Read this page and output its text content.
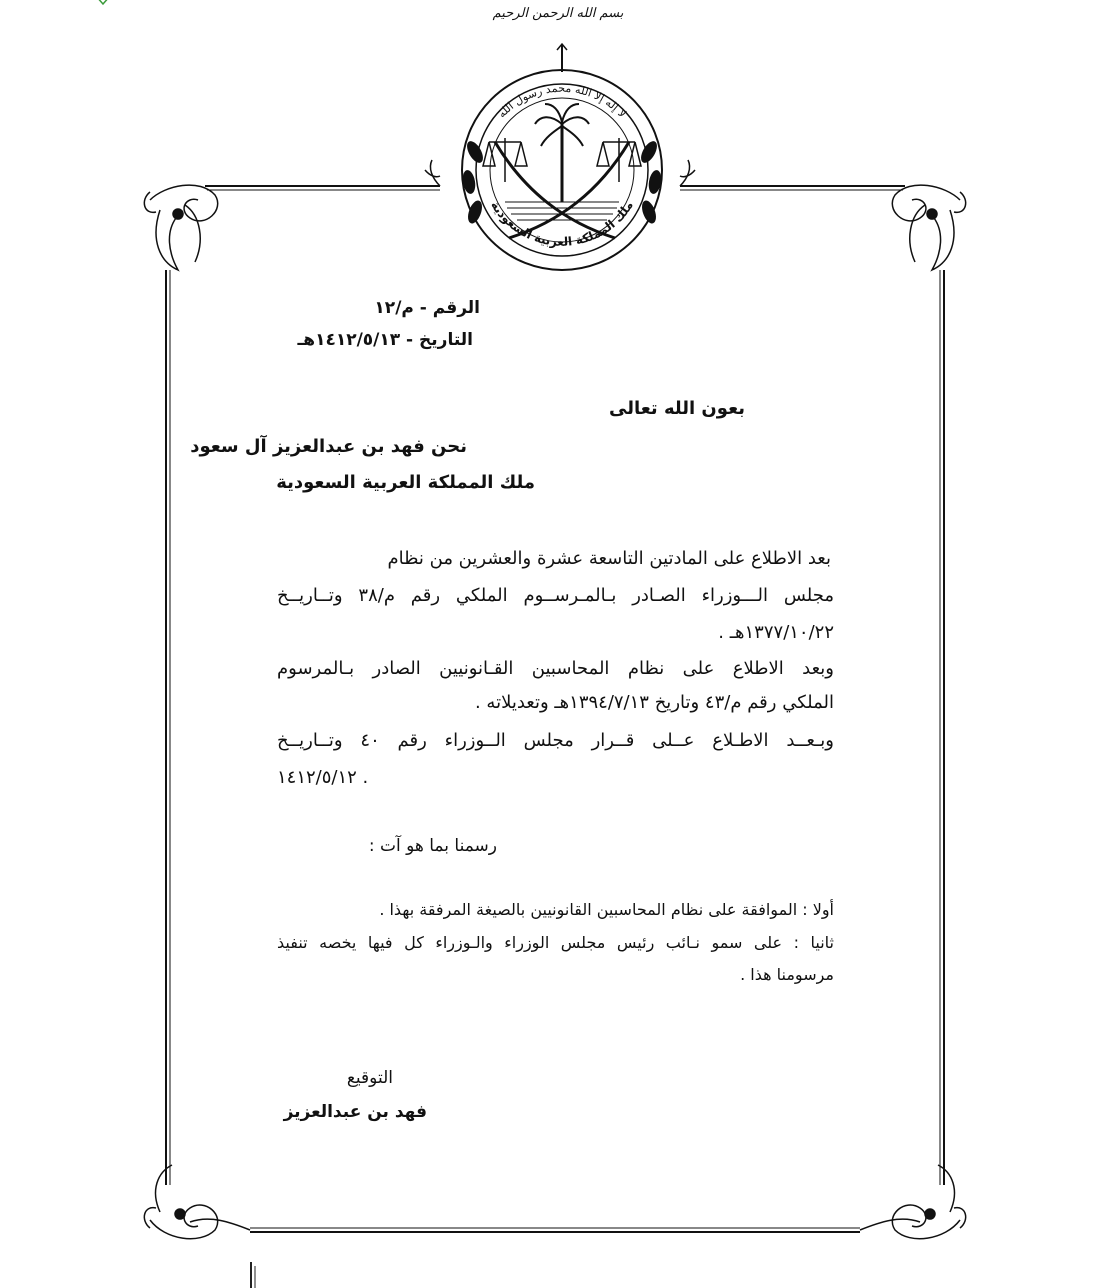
بسم الله الرحمن الرحيم
لا إله إلا الله محمد رسول الله
ملك المملكة العربية السعودية
الرقم - م/١٢
التاريخ - ١٤١٢/٥/١٣هـ
بعون الله تعالى
نحن فهد بن عبدالعزيز آل سعود
ملك المملكة العربية السعودية
بعد الاطلاع على المادتين التاسعة عشرة والعشرين من نظام
مجلس الـــوزراء الصـادر بـالمـرســوم الملكي رقم م/٣٨ وتــاريــخ
١٣٧٧/١٠/٢٢هـ .
وبعد الاطلاع على نظام المحاسبين القـانونيين الصادر بـالمرسوم
الملكي رقم م/٤٣ وتاريخ ١٣٩٤/٧/١٣هـ وتعديلاته .
وبـعــد الاطـلاع عــلى قــرار مجلس الــوزراء رقم ٤٠ وتــاريــخ
١٤١٢/٥/١٢ .
رسمنا بما هو آت :
أولا : الموافقة على نظام المحاسبين القانونيين بالصيغة المرفقة بهذا .
ثانيا : على سمو نـائب رئيس مجلس الوزراء والـوزراء كل فيها يخصه تنفيذ
مرسومنا هذا .
التوقيع
فهد بن عبدالعزيز
